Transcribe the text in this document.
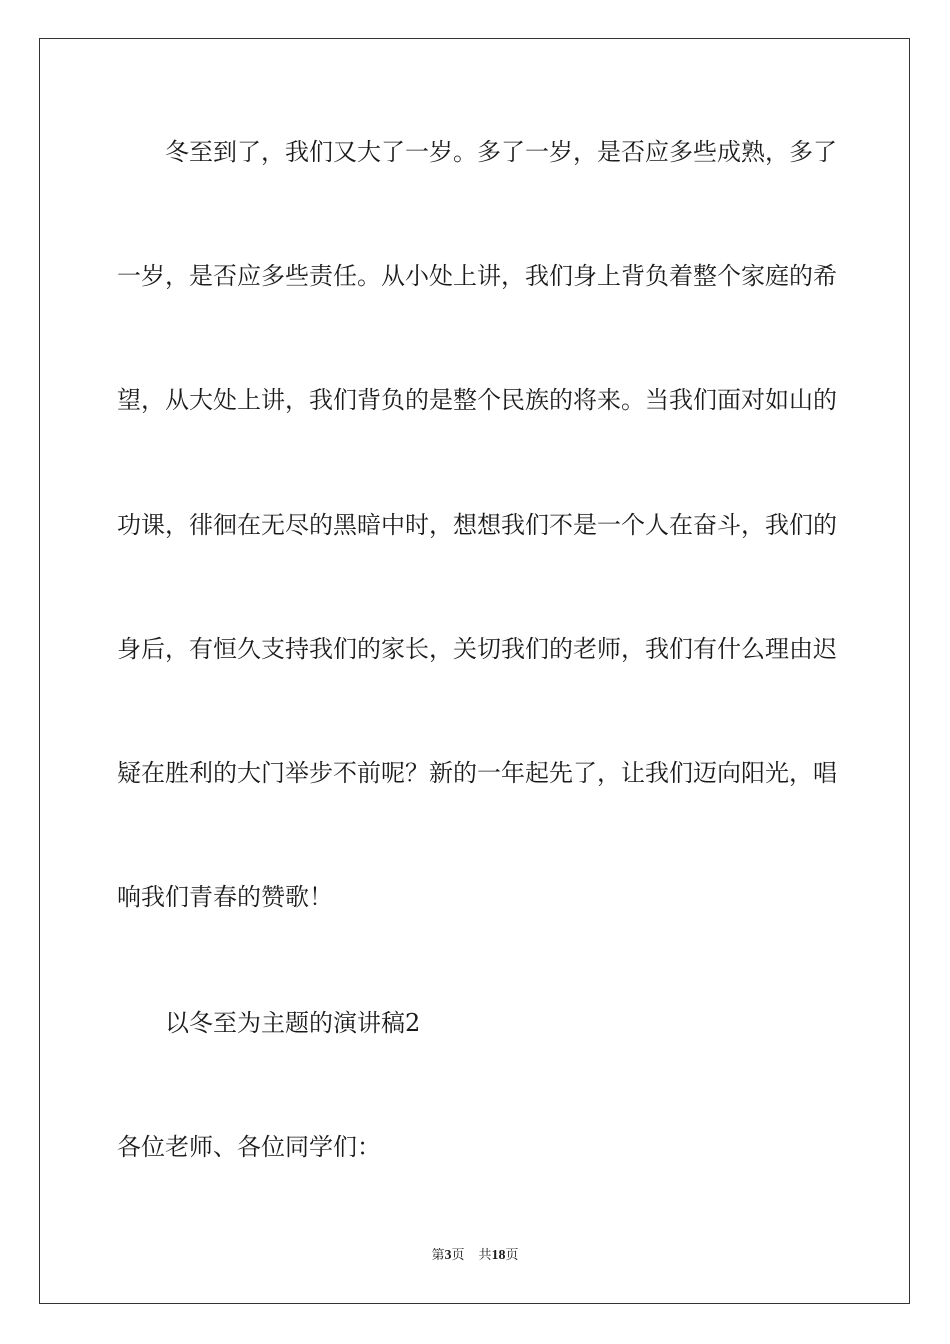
冬至到了，我们又大了一岁。多了一岁，是否应多些成熟，多了
一岁，是否应多些责任。从小处上讲，我们身上背负着整个家庭的希
望，从大处上讲，我们背负的是整个民族的将来。当我们面对如山的
功课，徘徊在无尽的黑暗中时，想想我们不是一个人在奋斗，我们的
身后，有恒久支持我们的家长，关切我们的老师，我们有什么理由迟
疑在胜利的大门举步不前呢？新的一年起先了，让我们迈向阳光，唱
响我们青春的赞歌！
以冬至为主题的演讲稿2
各位老师、各位同学们：
第3页 共18页
